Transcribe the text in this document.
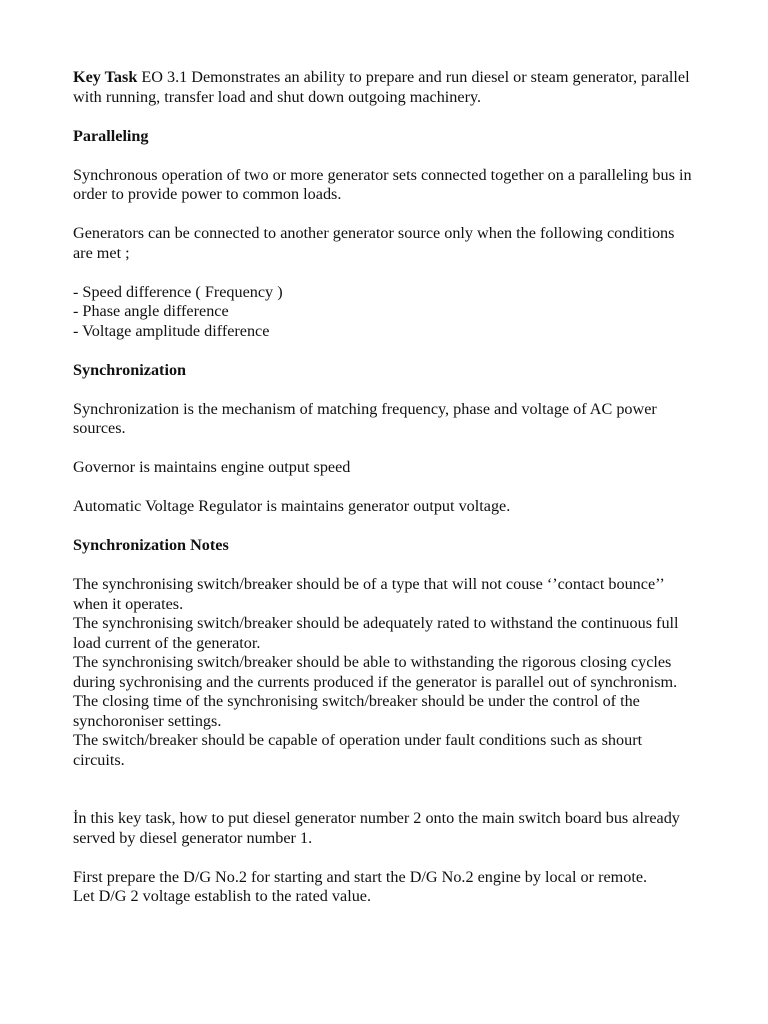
Key Task EO 3.1 Demonstrates an ability to prepare and run diesel or steam generator, parallel with running, transfer load and shut down outgoing machinery.

Paralleling

Synchronous operation of two or more generator sets connected together on a paralleling bus in order to provide power to common loads.

Generators can be connected to another generator source only when the following conditions are met ;

- Speed difference ( Frequency )
- Phase angle difference
- Voltage amplitude difference

Synchronization

Synchronization is the mechanism of matching frequency, phase and voltage of AC power sources.

Governor is maintains engine output speed

Automatic Voltage Regulator is maintains generator output voltage.

Synchronization Notes

The synchronising switch/breaker should be of a type that will not couse ‘’contact bounce’’ when it operates.
The synchronising switch/breaker should be adequately rated to withstand the continuous full load current of the generator.
The synchronising switch/breaker should be able to withstanding the rigorous closing cycles during sychronising and the currents produced if the generator is parallel out of synchronism.
The closing time of the synchronising switch/breaker should be under the control of the synchoroniser settings.
The switch/breaker should be capable of operation under fault conditions such as shourt circuits.

İn this key task, how to put diesel generator number 2 onto the main switch board bus already served by diesel generator number 1.

First prepare the D/G No.2 for starting and start the D/G No.2 engine by local or remote.
Let D/G 2 voltage establish to the rated value.
